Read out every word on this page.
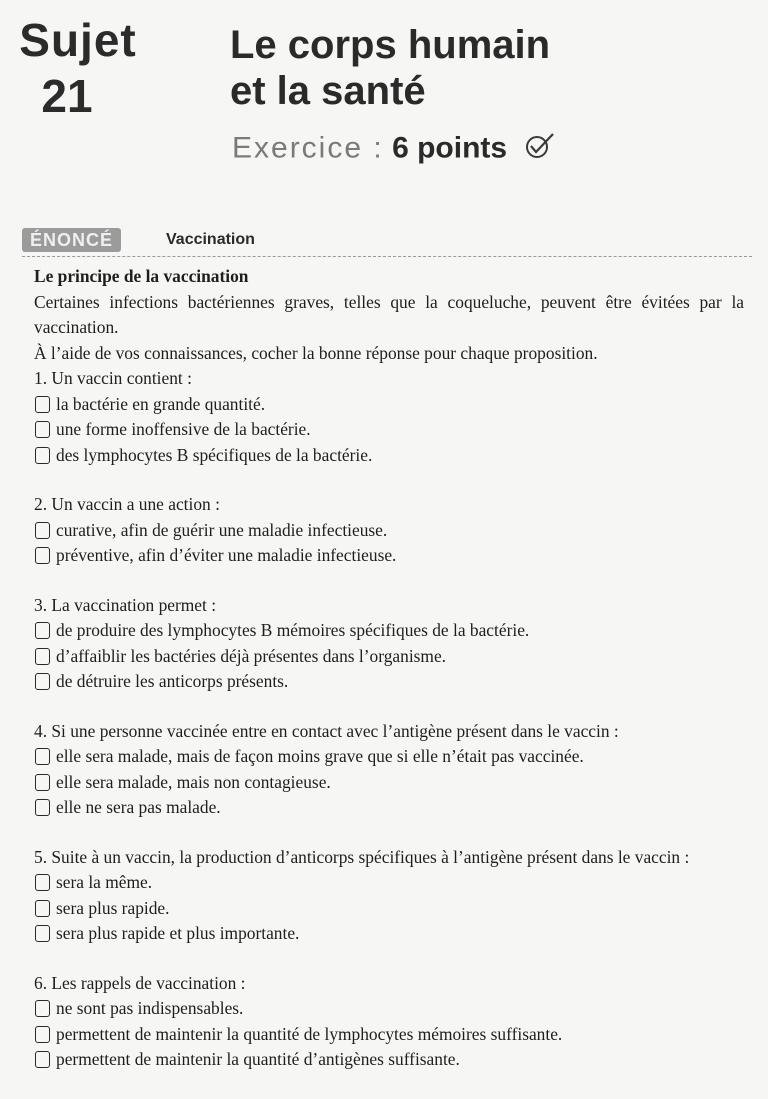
Sujet
21
Le corps humain
et la santé
Exercice : 6 points
ÉNONCÉ	Vaccination

Le principe de la vaccination

Certaines infections bactériennes graves, telles que la coqueluche, peuvent être évitées par la vaccination.

À l’aide de vos connaissances, cocher la bonne réponse pour chaque proposition.

1. Un vaccin contient :

la bactérie en grande quantité.
une forme inoffensive de la bactérie.
des lymphocytes B spécifiques de la bactérie.

2. Un vaccin a une action :

curative, afin de guérir une maladie infectieuse.
préventive, afin d’éviter une maladie infectieuse.

3. La vaccination permet :

de produire des lymphocytes B mémoires spécifiques de la bactérie.
d’affaiblir les bactéries déjà présentes dans l’organisme.
de détruire les anticorps présents.

4. Si une personne vaccinée entre en contact avec l’antigène présent dans le vaccin :

elle sera malade, mais de façon moins grave que si elle n’était pas vaccinée.
elle sera malade, mais non contagieuse.
elle ne sera pas malade.

5. Suite à un vaccin, la production d’anticorps spécifiques à l’antigène présent dans le vaccin :

sera la même.
sera plus rapide.
sera plus rapide et plus importante.

6. Les rappels de vaccination :

ne sont pas indispensables.
permettent de maintenir la quantité de lymphocytes mémoires suffisante.
permettent de maintenir la quantité d’antigènes suffisante.
